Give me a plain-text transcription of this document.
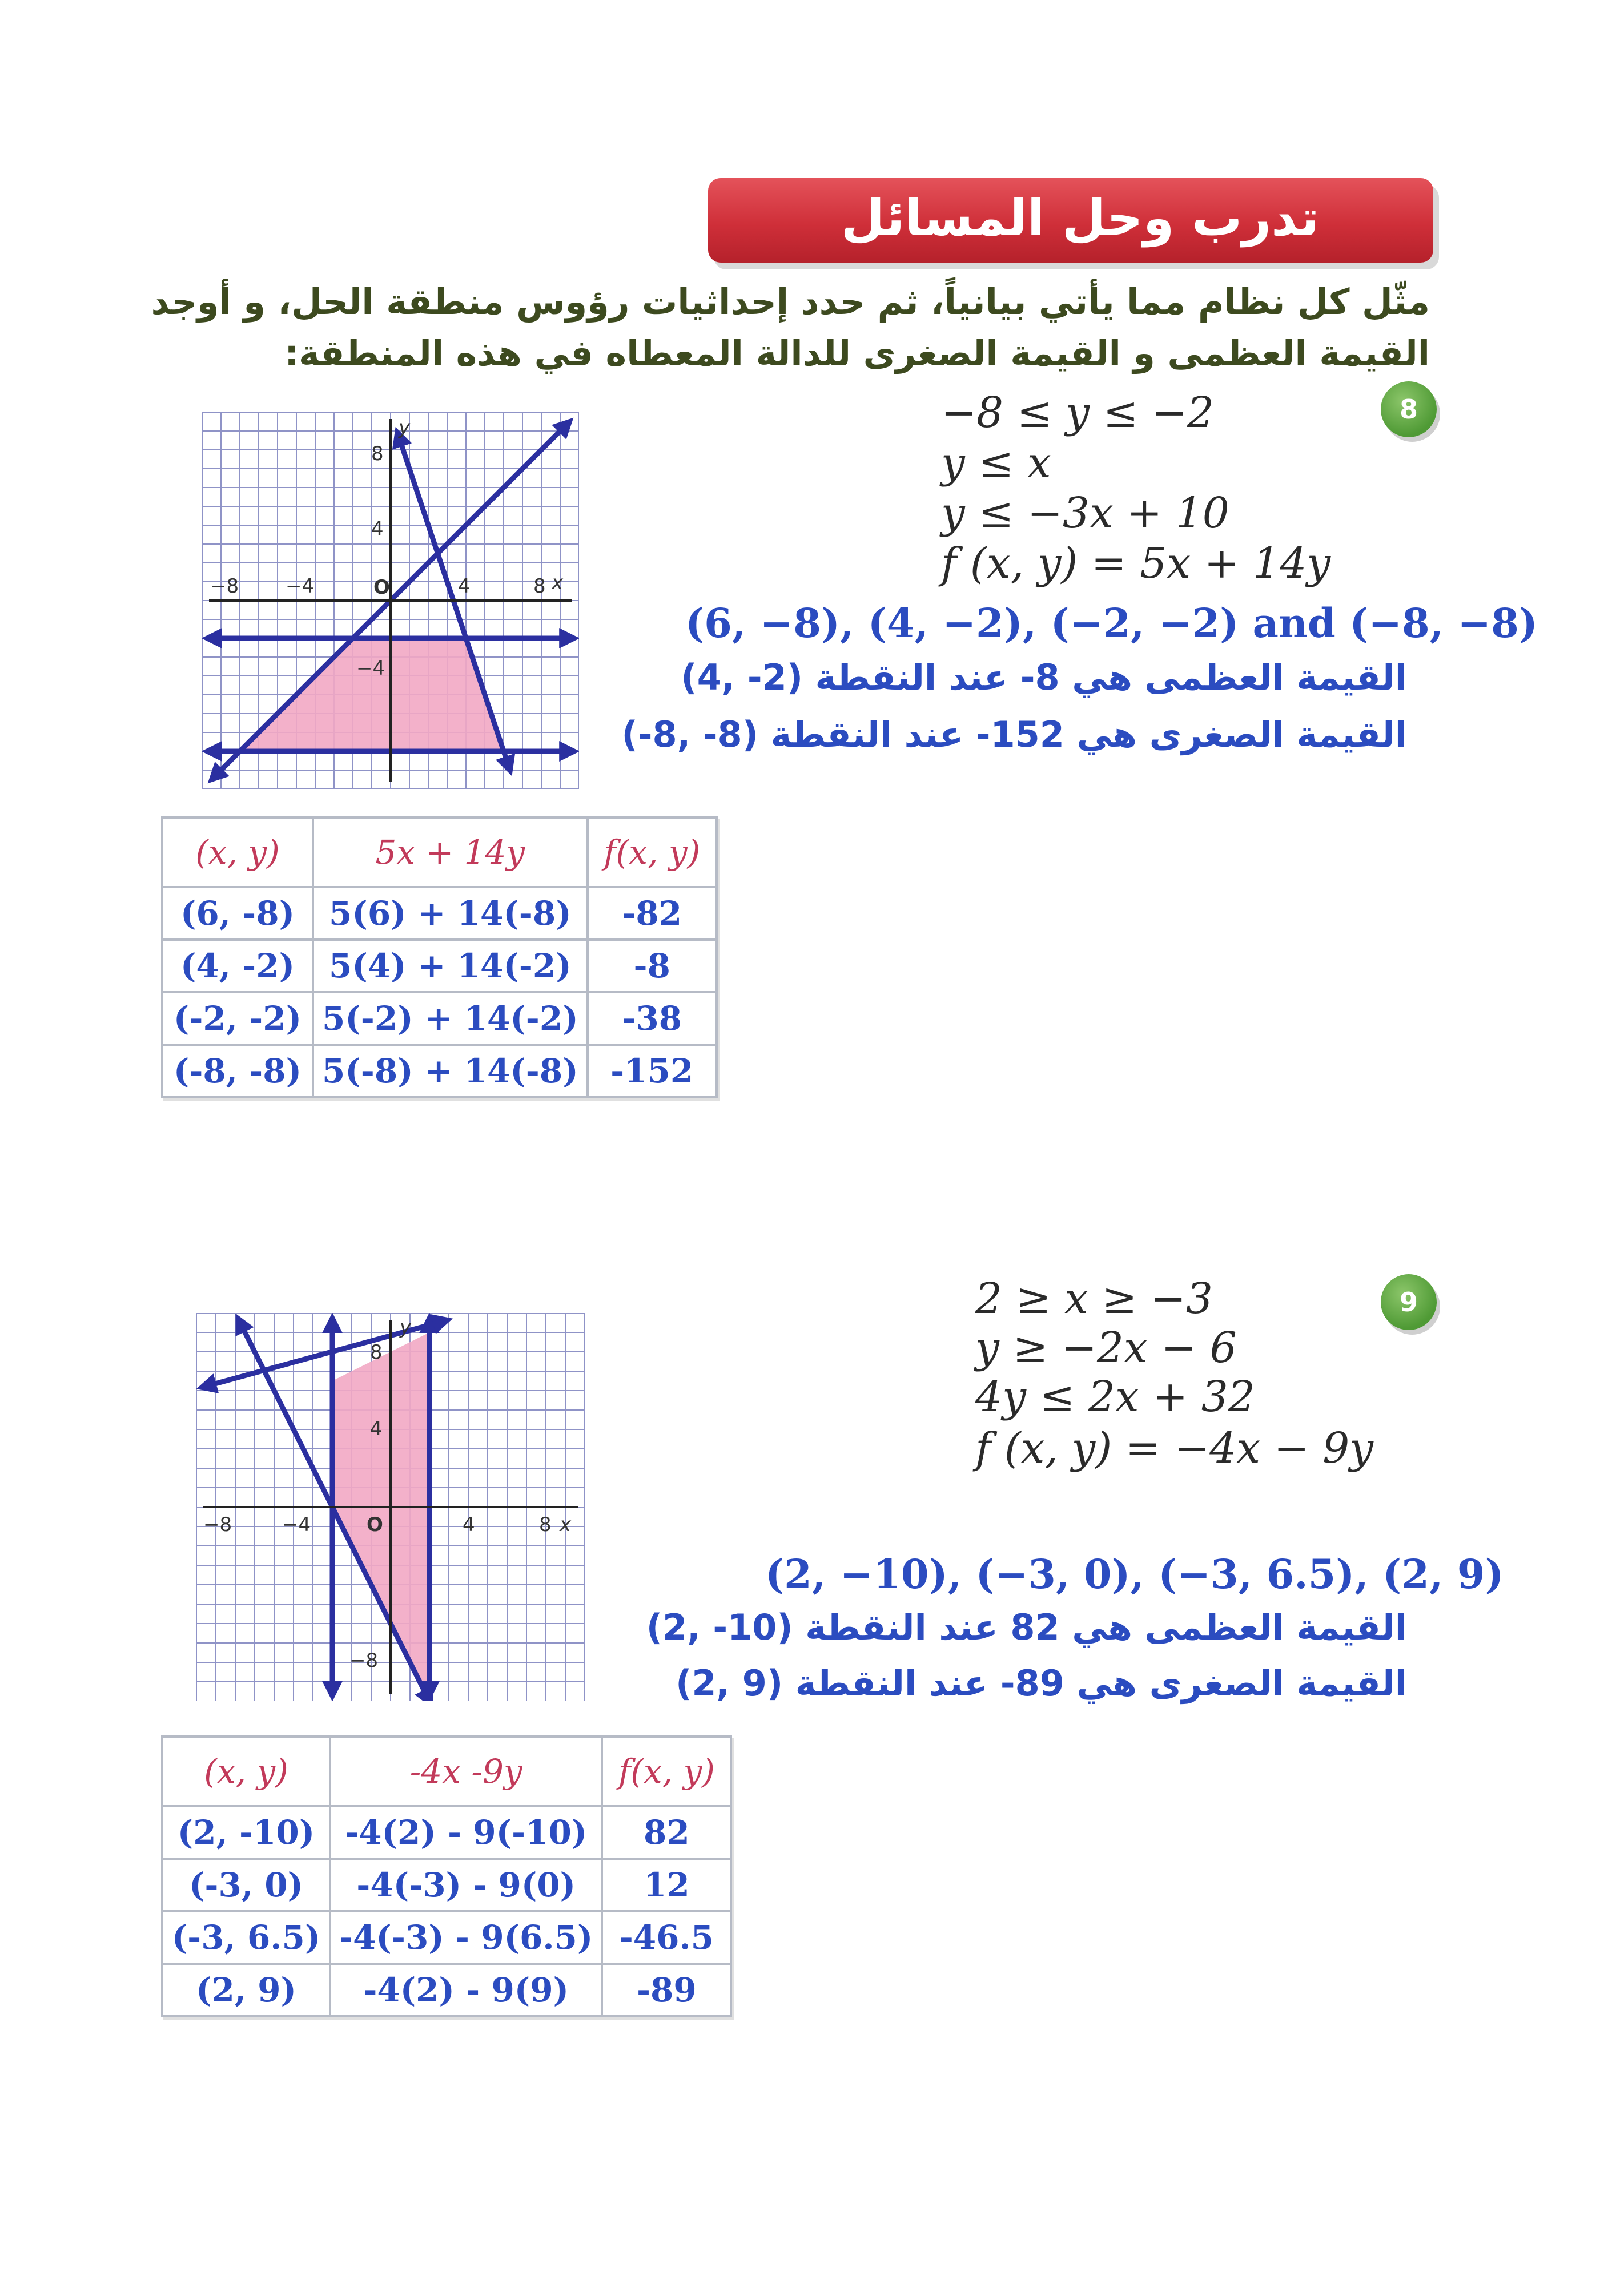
تدرب وحل المسائل
مثّل كل نظام مما يأتي بيانياً، ثم حدد إحداثيات رؤوس منطقة الحل، و أوجد
القيمة العظمى و القيمة الصغرى للدالة المعطاه في هذه المنطقة:
8
−8 ≤ y ≤ −2
y ≤ x
y ≤ −3x + 10
f (x, y) = 5x + 14y
(6, −8), (4, −2), (−2, −2) and (−8, −8)
القيمة العظمى هي 8- عند النقطة (2- ,4)
القيمة الصغرى هي 152- عند النقطة (8- ,8-)
x
y
O
−8 −4	4	8
8
4
−4
(x, y)	5x + 14y	f(x, y)
(6, -8)	5(6) + 14(-8)	-82
(4, -2)	5(4) + 14(-2)	-8
(-2, -2)	5(-2) + 14(-2)	-38
(-8, -8)	5(-8) + 14(-8)	-152
9
2 ≥ x ≥ −3
y ≥ −2x − 6
4y ≤ 2x + 32
f (x, y) = −4x − 9y
(2, −10), (−3, 0), (−3, 6.5), (2, 9)
القيمة العظمى هي 82 عند النقطة (10- ,2)
القيمة الصغرى هي 89- عند النقطة (9 ,2)
x
y
O
−8	−4	4	8
8
4
−8
(x, y)	-4x -9y	f(x, y)
(2, -10)	-4(2) - 9(-10)	82
(-3, 0)	-4(-3) - 9(0)	12
(-3, 6.5)	-4(-3) - 9(6.5)	-46.5
(2, 9)	-4(2) - 9(9)	-89
